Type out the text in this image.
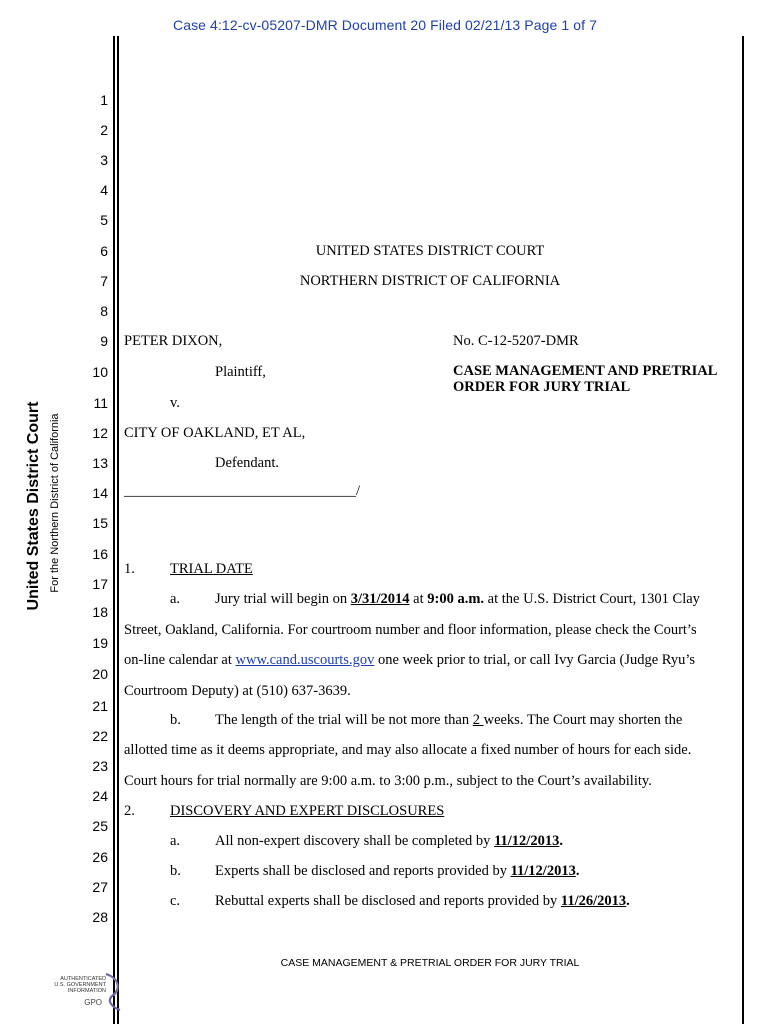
Case 4:12-cv-05207-DMR Document 20 Filed 02/21/13 Page 1 of 7
United States District Court For the Northern District of California
1
2
3
4
5
6
7
8
9
10
11
12
13
14
15
16
17
18
19
20
21
22
23
24
25
26
27
28
UNITED STATES DISTRICT COURT
NORTHERN DISTRICT OF CALIFORNIA
PETER DIXON,
Plaintiff,
v.
CITY OF OAKLAND, ET AL,
Defendant.
________________________________/
No. C-12-5207-DMR
CASE MANAGEMENT AND PRETRIAL
ORDER FOR JURY TRIAL
1. TRIAL DATE
a. Jury trial will begin on 3/31/2014 at 9:00 a.m. at the U.S. District Court, 1301 Clay
Street, Oakland, California. For courtroom number and floor information, please check the Court’s
on-line calendar at www.cand.uscourts.gov one week prior to trial, or call Ivy Garcia (Judge Ryu’s
Courtroom Deputy) at (510) 637-3639.
b. The length of the trial will be not more than 2 weeks. The Court may shorten the
allotted time as it deems appropriate, and may also allocate a fixed number of hours for each side.
Court hours for trial normally are 9:00 a.m. to 3:00 p.m., subject to the Court’s availability.
2. DISCOVERY AND EXPERT DISCLOSURES
a. All non-expert discovery shall be completed by 11/12/2013.
b. Experts shall be disclosed and reports provided by 11/12/2013.
c. Rebuttal experts shall be disclosed and reports provided by 11/26/2013.
CASE MANAGEMENT & PRETRIAL ORDER FOR JURY TRIAL
AUTHENTICATED
U.S. GOVERNMENT
INFORMATION
GPO
